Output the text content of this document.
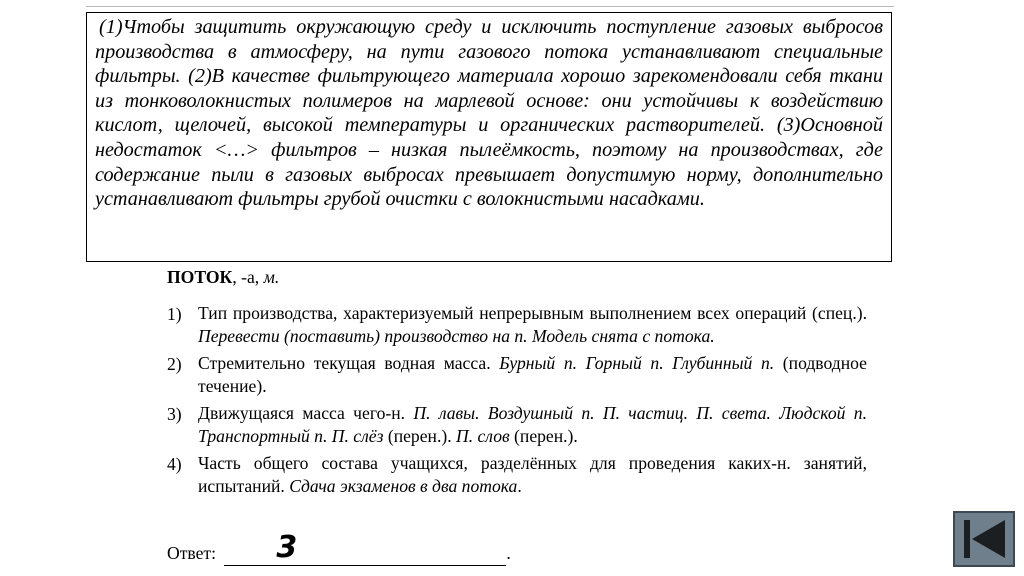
(1)Чтобы защитить окружающую среду и исключить поступление газовых выбросов производства в атмосферу, на пути газового потока устанавливают специальные фильтры. (2)В качестве фильтрующего материала хорошо зарекомендовали себя ткани из тонковолокнистых полимеров на марлевой основе: они устойчивы к воздействию кислот, щелочей, высокой температуры и органических растворителей. (3)Основной недостаток <…> фильтров – низкая пылеёмкость, поэтому на производствах, где содержание пыли в газовых выбросах превышает допустимую норму, дополнительно устанавливают фильтры грубой очистки с волокнистыми насадками.

ПОТОК, -а, м.
1) Тип производства, характеризуемый непрерывным выполнением всех операций (спец.). Перевести (поставить) производство на п. Модель снята с потока.
2) Стремительно текущая водная масса. Бурный п. Горный п. Глубинный п. (подводное течение).
3) Движущаяся масса чего-н. П. лавы. Воздушный п. П. частиц. П. света. Людской п. Транспортный п. П. слёз (перен.). П. слов (перен.).
4) Часть общего состава учащихся, разделённых для проведения каких-н. занятий, испытаний. Сдача экзаменов в два потока.
Ответ: 3	.
